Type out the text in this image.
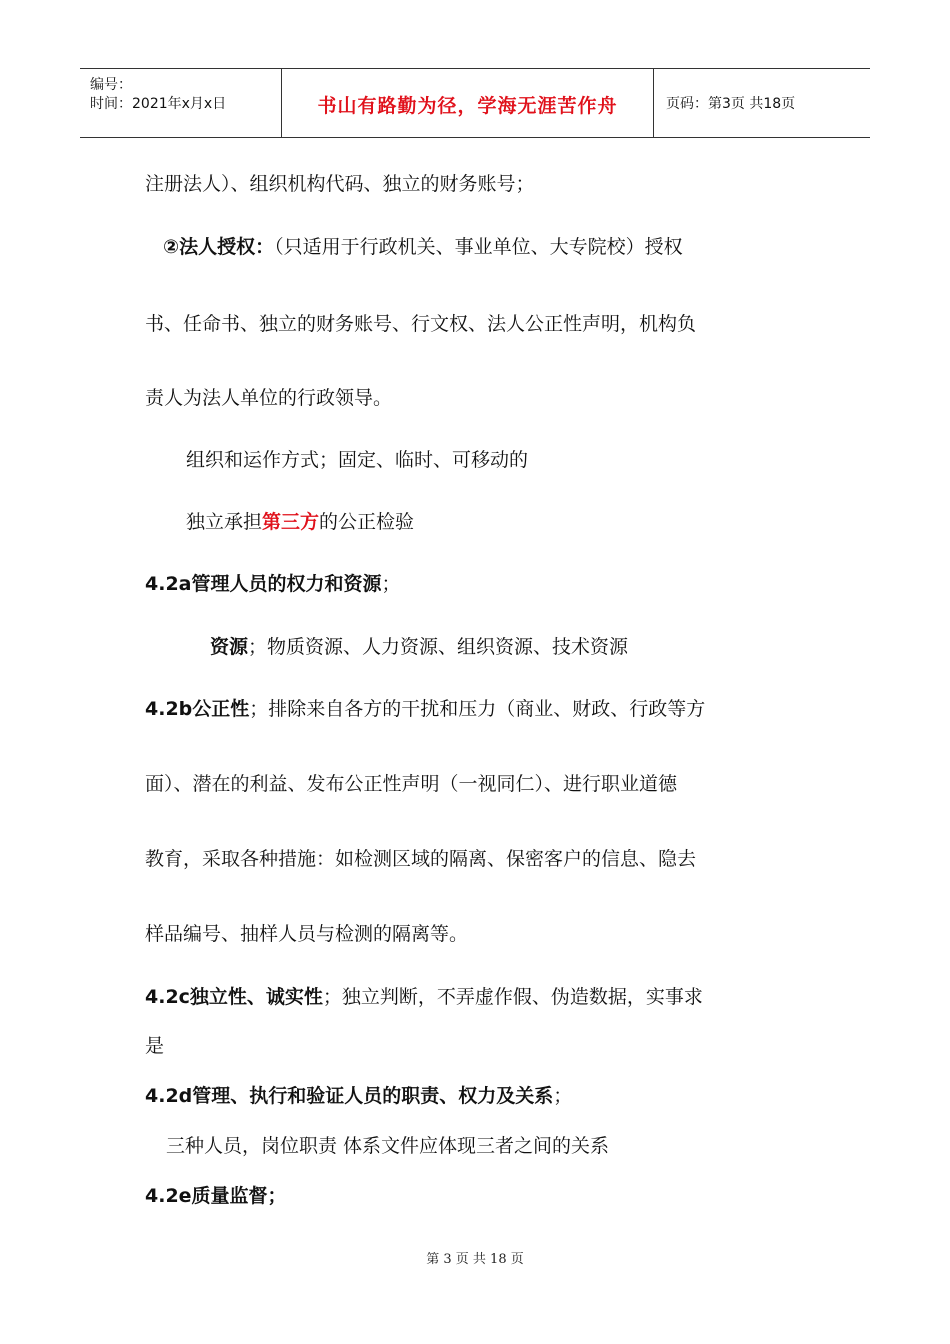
编号：
时间：2021年x月x日	书山有路勤为径，学海无涯苦作舟	页码：第3页 共18页
注册法人）、组织机构代码、独立的财务账号；
②法人授权：（只适用于行政机关、事业单位、大专院校）授权
书、任命书、独立的财务账号、行文权、法人公正性声明，机构负
责人为法人单位的行政领导。
组织和运作方式；固定、临时、可移动的
独立承担第三方的公正检验
4.2a管理人员的权力和资源；
资源；物质资源、人力资源、组织资源、技术资源
4.2b公正性；排除来自各方的干扰和压力（商业、财政、行政等方
面）、潜在的利益、发布公正性声明（一视同仁）、进行职业道德
教育，采取各种措施：如检测区域的隔离、保密客户的信息、隐去
样品编号、抽样人员与检测的隔离等。
4.2c独立性、诚实性；独立判断，不弄虚作假、伪造数据，实事求
是
4.2d管理、执行和验证人员的职责、权力及关系；
三种人员，岗位职责 体系文件应体现三者之间的关系
4.2e质量监督；
第 3 页 共 18 页
